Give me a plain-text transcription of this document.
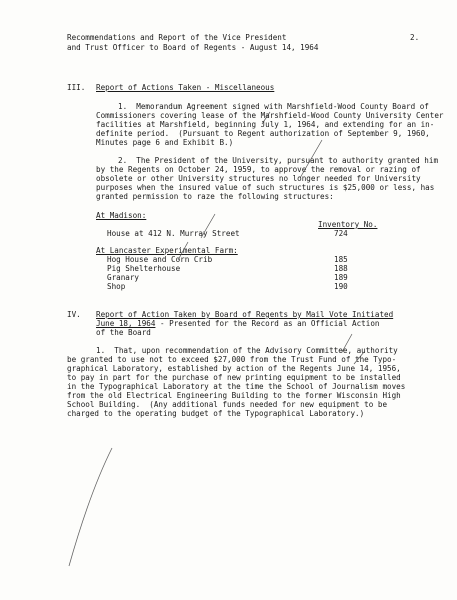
Recommendations and Report of the Vice President
and Trust Officer to Board of Regents - August 14, 1964
2.
III. Report of Actions Taken - Miscellaneous
1.  Memorandum Agreement signed with Marshfield-Wood County Board of
Commissioners covering lease of the Marshfield-Wood County University Center
facilities at Marshfield, beginning July 1, 1964, and extending for an in-
definite period.  (Pursuant to Regent authorization of September 9, 1960,
Minutes page 6 and Exhibit B.)
2.  The President of the University, pursuant to authority granted him
by the Regents on October 24, 1959, to approve the removal or razing of
obsolete or other University structures no longer needed for University
purposes when the insured value of such structures is $25,000 or less, has
granted permission to raze the following structures:
At Madison:
Inventory No.
House at 412 N. Murray Street	724
At Lancaster Experimental Farm:
Hog House and Corn Crib	185
Pig Shelterhouse	188
Granary	189
Shop	190
IV. Report of Action Taken by Board of Regents by Mail Vote Initiated
June 18, 1964 - Presented for the Record as an Official Action
of the Board
1.  That, upon recommendation of the Advisory Committee, authority
be granted to use not to exceed $27,000 from the Trust Fund of the Typo-
graphical Laboratory, established by action of the Regents June 14, 1956,
to pay in part for the purchase of new printing equipment to be installed
in the Typographical Laboratory at the time the School of Journalism moves
from the old Electrical Engineering Building to the former Wisconsin High
School Building.  (Any additional funds needed for new equipment to be
charged to the operating budget of the Typographical Laboratory.)
